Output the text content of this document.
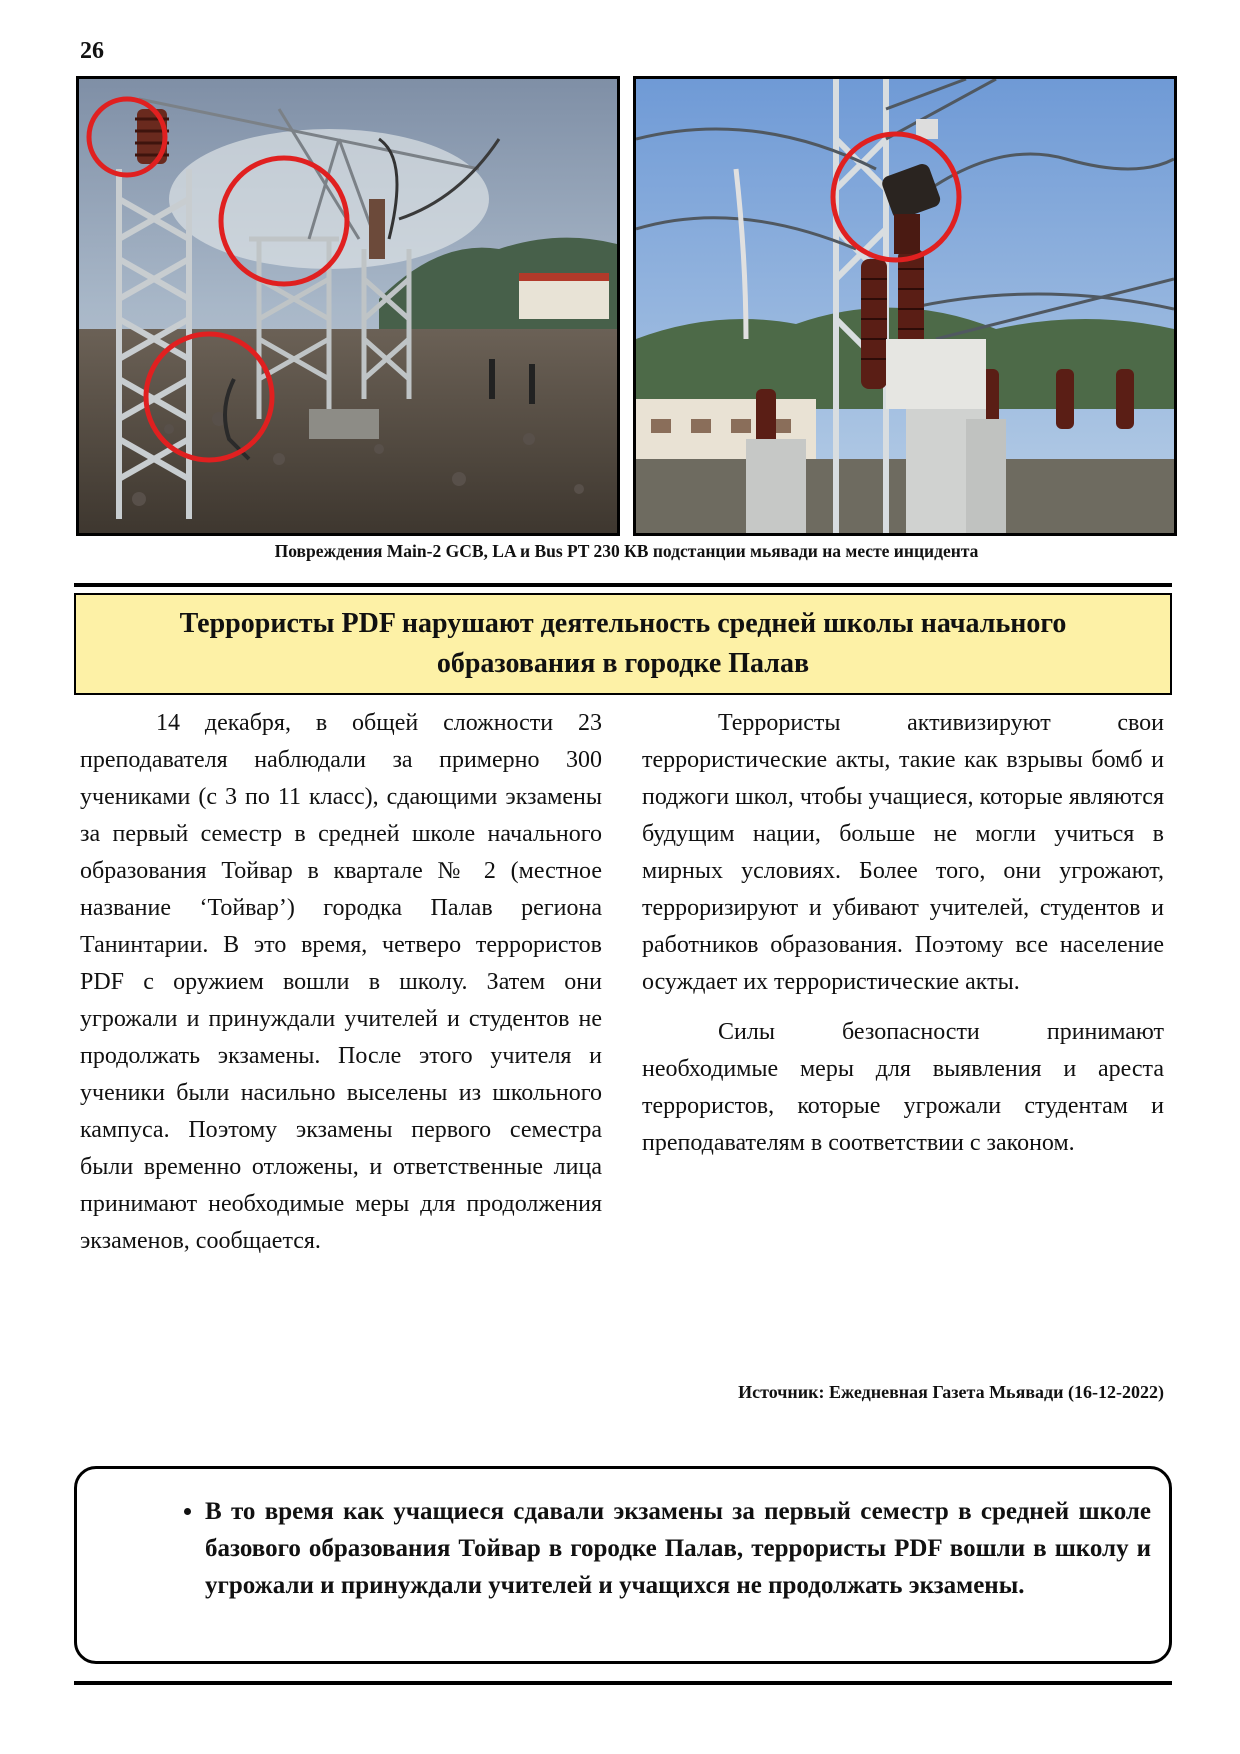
26
Повреждения Main-2 GCB, LA и Bus PT 230 КВ подстанции мьявади на месте инцидента
Террористы PDF нарушают деятельность средней школы начального образования в городке Палав

14 декабря, в общей сложности 23 преподавателя наблюдали за примерно 300 учениками (с 3 по 11 класс), сдающими экзамены за первый семестр в средней школе начального образования Тойвар в квартале № 2 (местное название ‘Тойвар’) городка Палав региона Танинтарии. В это время, четверо террористов PDF с оружием вошли в школу. Затем они угрожали и принуждали учителей и студентов не продолжать экзамены. После этого учителя и ученики были насильно выселены из школьного кампуса. Поэтому экзамены первого семестра были временно отложены, и ответственные лица принимают необходимые меры для продолжения экзаменов, сообщается.

Террористы активизируют свои террористические акты, такие как взрывы бомб и поджоги школ, чтобы учащиеся, которые являются будущим нации, больше не могли учиться в мирных условиях. Более того, они угрожают, терроризируют и убивают учителей, студентов и работников образования. Поэтому все население осуждает их террористические акты.

Силы безопасности принимают необходимые меры для выявления и ареста террористов, которые угрожали студентам и преподавателям в соответствии с законом.

Источник: Ежедневная Газета Мьявади (16-12-2022)
• В то время как учащиеся сдавали экзамены за первый семестр в средней школе базового образования Тойвар в городке Палав, террористы PDF вошли в школу и угрожали и принуждали учителей и учащихся не продолжать экзамены.
